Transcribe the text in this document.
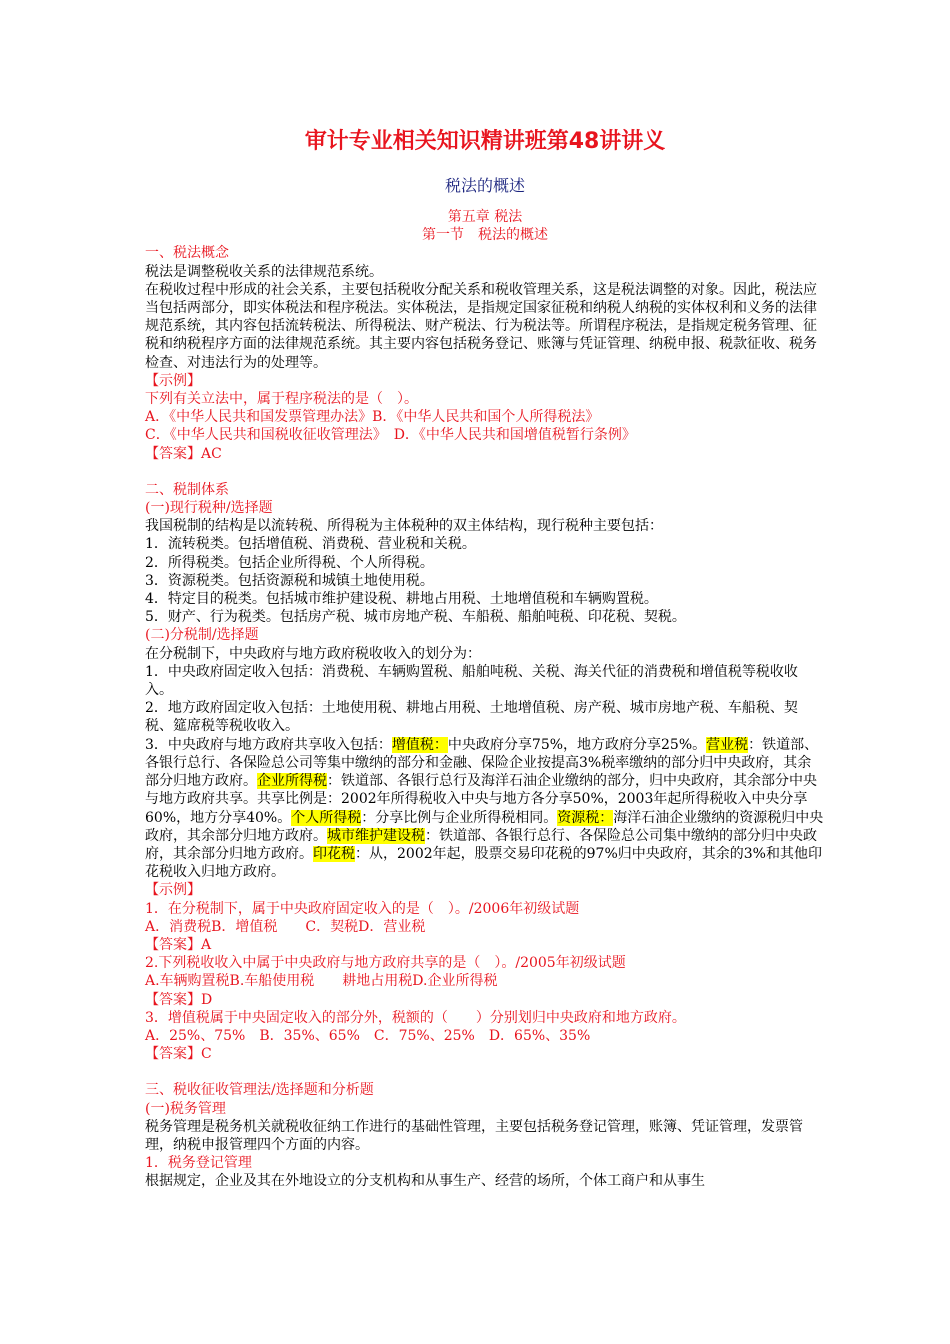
审计专业相关知识精讲班第48讲讲义
税法的概述
第五章 税法
第一节　税法的概述
一、税法概念

税法是调整税收关系的法律规范系统。

在税收过程中形成的社会关系，主要包括税收分配关系和税收管理关系，这是税法调整的对象。因此，税法应当包括两部分，即实体税法和程序税法。实体税法，是指规定国家征税和纳税人纳税的实体权利和义务的法律规范系统，其内容包括流转税法、所得税法、财产税法、行为税法等。所谓程序税法，是指规定税务管理、征税和纳税程序方面的法律规范系统。其主要内容包括税务登记、账簿与凭证管理、纳税申报、税款征收、税务检查、对违法行为的处理等。

【示例】
下列有关立法中，属于程序税法的是（　）。
A．《中华人民共和国发票管理办法》B．《中华人民共和国个人所得税法》
C．《中华人民共和国税收征收管理法》　D．《中华人民共和国增值税暂行条例》
【答案】AC
二、税制体系
(一)现行税种/选择题

我国税制的结构是以流转税、所得税为主体税种的双主体结构，现行税种主要包括：

1．流转税类。包括增值税、消费税、营业税和关税。
2．所得税类。包括企业所得税、个人所得税。
3．资源税类。包括资源税和城镇土地使用税。
4．特定目的税类。包括城市维护建设税、耕地占用税、土地增值税和车辆购置税。
5．财产、行为税类。包括房产税、城市房地产税、车船税、船舶吨税、印花税、契税。
(二)分税制/选择题

在分税制下，中央政府与地方政府税收收入的划分为：

1．中央政府固定收入包括：消费税、车辆购置税、船舶吨税、关税、海关代征的消费税和增值税等税收收入。

2．地方政府固定收入包括：土地使用税、耕地占用税、土地增值税、房产税、城市房地产税、车船税、契税、筵席税等税收收入。

3．中央政府与地方政府共享收入包括：增值税：中央政府分享75%，地方政府分享25%。营业税：铁道部、各银行总行、各保险总公司等集中缴纳的部分和金融、保险企业按提高3%税率缴纳的部分归中央政府，其余部分归地方政府。企业所得税：铁道部、各银行总行及海洋石油企业缴纳的部分，归中央政府，其余部分中央与地方政府共享。共享比例是：2002年所得税收入中央与地方各分享50%，2003年起所得税收入中央分享60%，地方分享40%。个人所得税：分享比例与企业所得税相同。资源税：海洋石油企业缴纳的资源税归中央政府，其余部分归地方政府。城市维护建设税：铁道部、各银行总行、各保险总公司集中缴纳的部分归中央政府，其余部分归地方政府。印花税：从，2002年起，股票交易印花税的97%归中央政府，其余的3%和其他印花税收入归地方政府。

【示例】
1．在分税制下，属于中央政府固定收入的是（　）。/2006年初级试题
A．消费税B．增值税　　C．契税D．营业税
【答案】A
2.下列税收收入中属于中央政府与地方政府共享的是（　）。/2005年初级试题
A.车辆购置税B.车船使用税　　耕地占用税D.企业所得税
【答案】D
3．增值税属于中央固定收入的部分外，税额的（　　）分别划归中央政府和地方政府。
A．25%、75%　B．35%、65%　C．75%、25%　D．65%、35%
【答案】C
三、税收征收管理法/选择题和分析题
(一)税务管理

税务管理是税务机关就税收征纳工作进行的基础性管理，主要包括税务登记管理，账簿、凭证管理，发票管理，纳税申报管理四个方面的内容。

1．税务登记管理

根据规定，企业及其在外地设立的分支机构和从事生产、经营的场所，个体工商户和从事生
